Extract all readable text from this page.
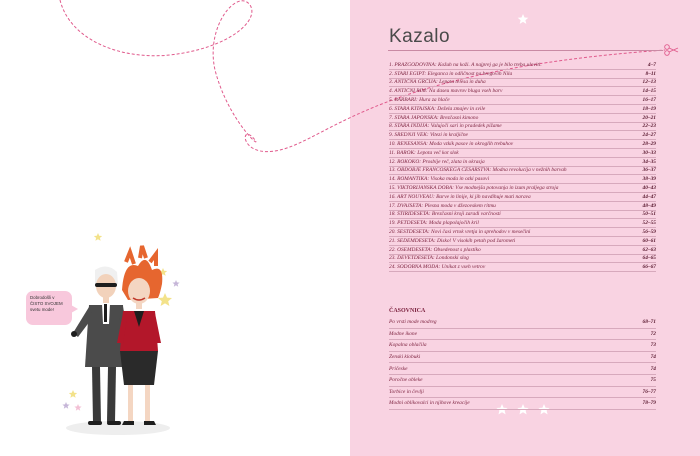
Dobrodošli v ČISTO SVOJEM svetu mode!
Kazalo
1. PRAZGODOVINA: Kožuh na koži. A najprej ga je bilo treba uloviti.	4–7
2. STARI EGIPT: Eleganca in odličnost na bregovih Nila	8–11
3. ANTIČNA GRČIJA: Lepota telesa in duha	12–13
4. ANTIČNI RIM: Na daseu mavrov bluga vseh barv	14–15
5. BARBARI: Hura za hlače	16–17
6. STARA KITAJSKA: Dežela zmajev in svile	18–19
7. STARA JAPONSKA: Brezčasni kimono	20–21
8. STARA INDIJA: Valujoči sari in pradedek pižame	22–23
9. SREDNJI VEK: Vitezi in kraljične	24–27
10. RENESANSA: Moda vzkik pasov in okroglih trebuhov	28–29
11. BAROK: Lepota več kot slok	30–33
12. ROKOKO: Prosbije reč, zlata in okrasja	34–35
13. OBDOBJE FRANCOSKEGA CESARSTVA: Modna revolucija v nežnih barvah	36–37
14. ROMANTIKA: Visoka moda in ozki pasovi	38–39
15. VIKTORIJANSKA DOBA: Vse modnejša potovanja in izum praljega stroja	40–43
16. ART NOUVEAU: Barve in linije, ki jih navdihuje mati narava	44–47
17. DVAJSETA: Plesna moda v džezovskem ritmu	48–49
18. ŠTIRIDESETA: Brezčasni kroji zaradi varčnosti	50–51
19. PETDESETA: Moda plapolajočih kril	52–55
20. ŠESTDESETA: Novi časi vrtok vretja in sprehodov v mesečini	56–59
21. SEDEMDESETA: Disko! V visokih petah pod žarometi	60–61
22. OSEMDESETA: Obsedenost s plastiko	62–63
23. DEVETDESETA: Londonski slog	64–65
24. SODOBNA MODA: Unikat z vseh vetrov	66–67
ČASOVNICA
Po vrsti mode modreg	68–71
Modne ikone	72
Kopalna oblačila	73
Ženski klobuki	74
Pričeske	74
Poročne obleke	75
Torbice in čevlji	76–77
Modni oblikovalci in njihove kreacije	78–79
